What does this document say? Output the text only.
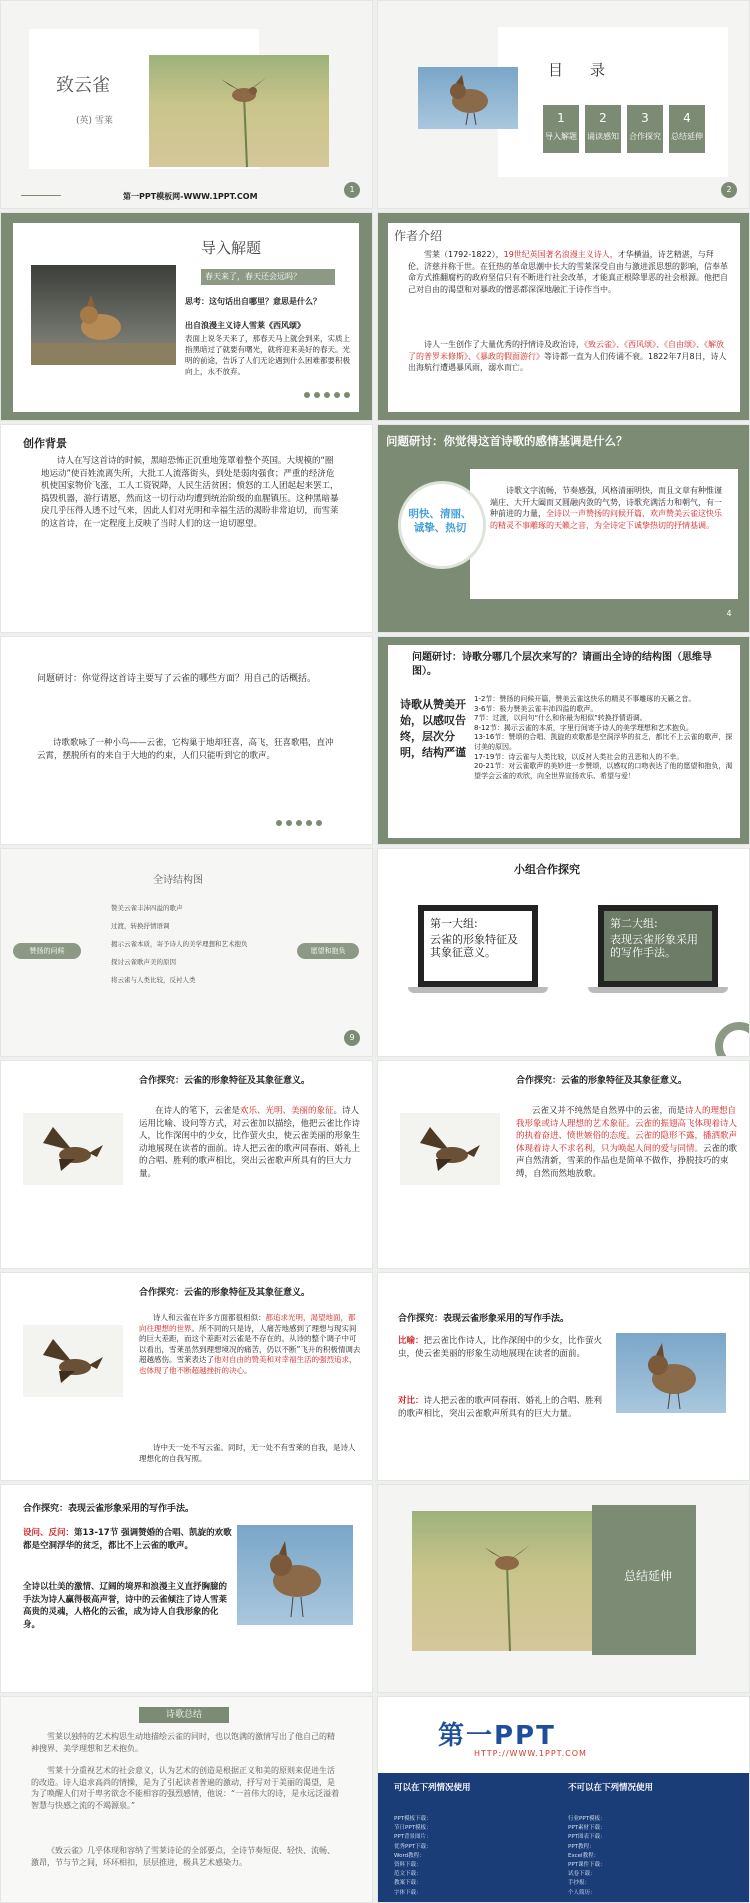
致云雀
(英) 雪莱
第一PPT模板网-WWW.1PPT.COM
1
目　录
1
导入解题
2
诵读感知
3
合作探究
4
总结延伸
2
导入解题
春天来了，春天还会远吗？
思考：这句话出自哪里？意思是什么？
出自浪漫主义诗人雪莱《西风颂》
表面上说冬天来了，那春天马上就会到来，实质上指黑暗过了就要有曙光，就将迎来美好的春天。光明的前途，告诉了人们无论遇到什么困难都要积极向上，永不放弃。
作者介绍
雪莱（1792-1822），19世纪英国著名浪漫主义诗人，才华横溢，诗艺精湛，与拜伦、济慈并称于世。在狂热的革命思潮中长大的雪莱深受自由与激进派思想的影响，信奉革命方式推翻腐朽的政府坚信只有不断进行社会改革，才能真正根除罪恶的社会根源。他把自己对自由的渴望和对暴政的憎恶都深深地融汇于诗作当中。
诗人一生创作了大量优秀的抒情诗及政治诗，《致云雀》、《西风颂》、《自由颂》、《解放了的普罗米修斯》、《暴政的假面游行》等诗都一直为人们传诵不衰。1822年7月8日，诗人出海航行遭遇暴风雨，溺水而亡。
创作背景
诗人在写这首诗的时候，黑暗恐怖正沉重地笼罩着整个英国。大规模的“圈地运动”使百姓流离失所，大批工人流落街头，到处是弱肉强食；严重的经济危机使国家物价飞涨，工人工资锐降，人民生活贫困；愤怒的工人团起起来罢工，捣毁机器，游行请愿，然而这一切行动均遭到统治阶级的血腥镇压。这种黑暗暴戾几乎压得人透不过气来，因此人们对光明和幸福生活的渴盼非常迫切，而雪莱的这首诗，在一定程度上反映了当时人们的这一迫切愿望。
问题研讨：你觉得这首诗歌的感情基调是什么？
明快、清丽、诚挚、热切
诗歌文字流畅，节奏感强，风格清丽明快，而且文章有种惟谨端庄、大开大阖而又圆融内敛的气势，诗歌充满活力和朝气，有一种前进的力量，全诗以一声赞扬的问候开篇，欢声赞美云雀这快乐的精灵不事雕琢的天籁之音，为全诗定下诚挚热切的抒情基调。
4
问题研讨：你觉得这首诗主要写了云雀的哪些方面？用自己的话概括。
诗歌歌咏了一种小鸟——云雀，它构巢于地却狂喜，高飞，狂喜歌唱，直冲云霄，摆脱所有的来自于大地的约束，人们只能听到它的歌声。
问题研讨：诗歌分哪几个层次来写的？请画出全诗的结构图（思维导图）。
诗歌从赞美开始，以感叹告终，层次分明，结构严谨
1-2节：赞扬的问候开篇，赞美云雀这快乐的精灵不事雕琢的天籁之音。
3-6节：极力赞美云雀丰沛四溢的歌声。
7节：过渡，以问句“什么和你最为相似”转换抒情语调。
8-12节：揭示云雀的本质，字里行间寄予诗人的美学理想和艺术抱负。
13-16节：赞颂的合唱、凯旋的欢歌都是空洞浮华的贫乏，都比不上云雀的歌声，探讨美的原因。
17-19节：诗云雀与人类比较，以反衬人类社会的丑恶和人的不幸。
20-21节：对云雀歌声的美妙进一步赞颂，以感叹的口吻表达了他的愿望和抱负，渴望学会云雀的欢欣，向全世界宣扬欢乐、希望与爱！
全诗结构图
赞扬的问候	愿望和抱负
赞美云雀丰沛四溢的歌声
过渡，转换抒情语调
揭示云雀本质，寄予诗人的美学理想和艺术抱负
探讨云雀歌声美的原因
将云雀与人类比较，反衬人类
9
小组合作探究
第一大组:
云雀的形象特征及其象征意义。
第二大组:
表现云雀形象采用的写作手法。
合作探究：云雀的形象特征及其象征意义。
在诗人的笔下，云雀是欢乐、光明、美丽的象征。诗人运用比喻、设问等方式，对云雀加以描绘，他把云雀比作诗人，比作深闺中的少女，比作萤火虫，使云雀美丽的形象生动地展现在读者的面前。诗人把云雀的歌声同春雨、婚礼上的合唱、胜利的歌声相比，突出云雀歌声所具有的巨大力量。
合作探究：云雀的形象特征及其象征意义。
云雀又并不纯然是自然界中的云雀，而是诗人的理想自我形象或诗人理想的艺术象征。云雀的振翅高飞体现着诗人的执着奋进、愤世嫉俗的态度。云雀的隐形不露，播洒歌声体现着诗人不求名利，只为唤起人间的爱与同情。云雀的歌声自然清新，雪莱的作品也是简单不做作，挣脱技巧的束缚，自然而然地放歌。
合作探究：云雀的形象特征及其象征意义。
诗人和云雀在许多方面都很相似：都追求光明，渴望地面，都向往理想的世界。所不同的只是诗，人痛苦地感到了理想与现实间的巨大差距，而这个差距对云雀是不存在的。从诗的整个调子中可以看出，雪莱虽然到理想境况的痛苦，仍以不断”飞升的积极情调去超越感伤。雪莱表达了他对自由的赞美和对幸福生活的强烈追求，也体现了他不断超越挫折的决心。
诗中天一处不写云雀。同时，无一处不有雪莱的自我，是诗人理想化的自我写照。
合作探究：表现云雀形象采用的写作手法。
比喻：把云雀比作诗人，比作深闺中的少女，比作萤火虫，使云雀美丽的形象生动地展现在读者的面前。
对比：诗人把云雀的歌声同春雨、婚礼上的合唱、胜利的歌声相比，突出云雀歌声所具有的巨大力量。
合作探究：表现云雀形象采用的写作手法。
设问、反问：第13-17节 强调赞婚的合唱、凯旋的欢歌都是空洞浮华的贫乏，都比不上云雀的歌声。
全诗以壮美的激情、辽阔的境界和浪漫主义直抒胸臆的手法为诗人赢得极高声誉，诗中的云雀倾注了诗人雪莱高贵的灵魂，人格化的云雀，成为诗人自我形象的化身。
总结延伸
诗歌总结
雪莱以独特的艺术构思生动地描绘云雀的同时，也以饱满的激情写出了他自己的精神搜界、美学理想和艺术抱负。
雪莱十分重视艺术的社会意义，认为艺术的创造是根据正义和美的原则来促进生活的改造。诗人追求高尚的情操，是为了引起读者普遍的激动，抒写对于美丽的渴望，是为了唤醒人们对于卑劣欲念不能相容的强烈感情，他说：“一首伟大的诗，是永远泛溢着智慧与快感之流的不竭源泉。”
《致云雀》几乎体现和容纳了雪莱诗论的全部要点，全诗节奏短促、轻快、流畅、激昂，节与节之间，环环相扣，层层推进，极具艺术感染力。
第一PPT
HTTP://WWW.1PPT.COM
可以在下列情况使用	不可以在下列情况使用
PPT模板下载：
节日PPT模板：
PPT背景图片：
优秀PPT下载：
Word教程：
资料下载：
范文下载：
教案下载：
字体下载：
行业PPT模板：
PPT素材下载：
PPT图表下载：
PPT教程：
Excel教程：
PPT课件下载：
试卷下载：
手抄报：
个人简历：
